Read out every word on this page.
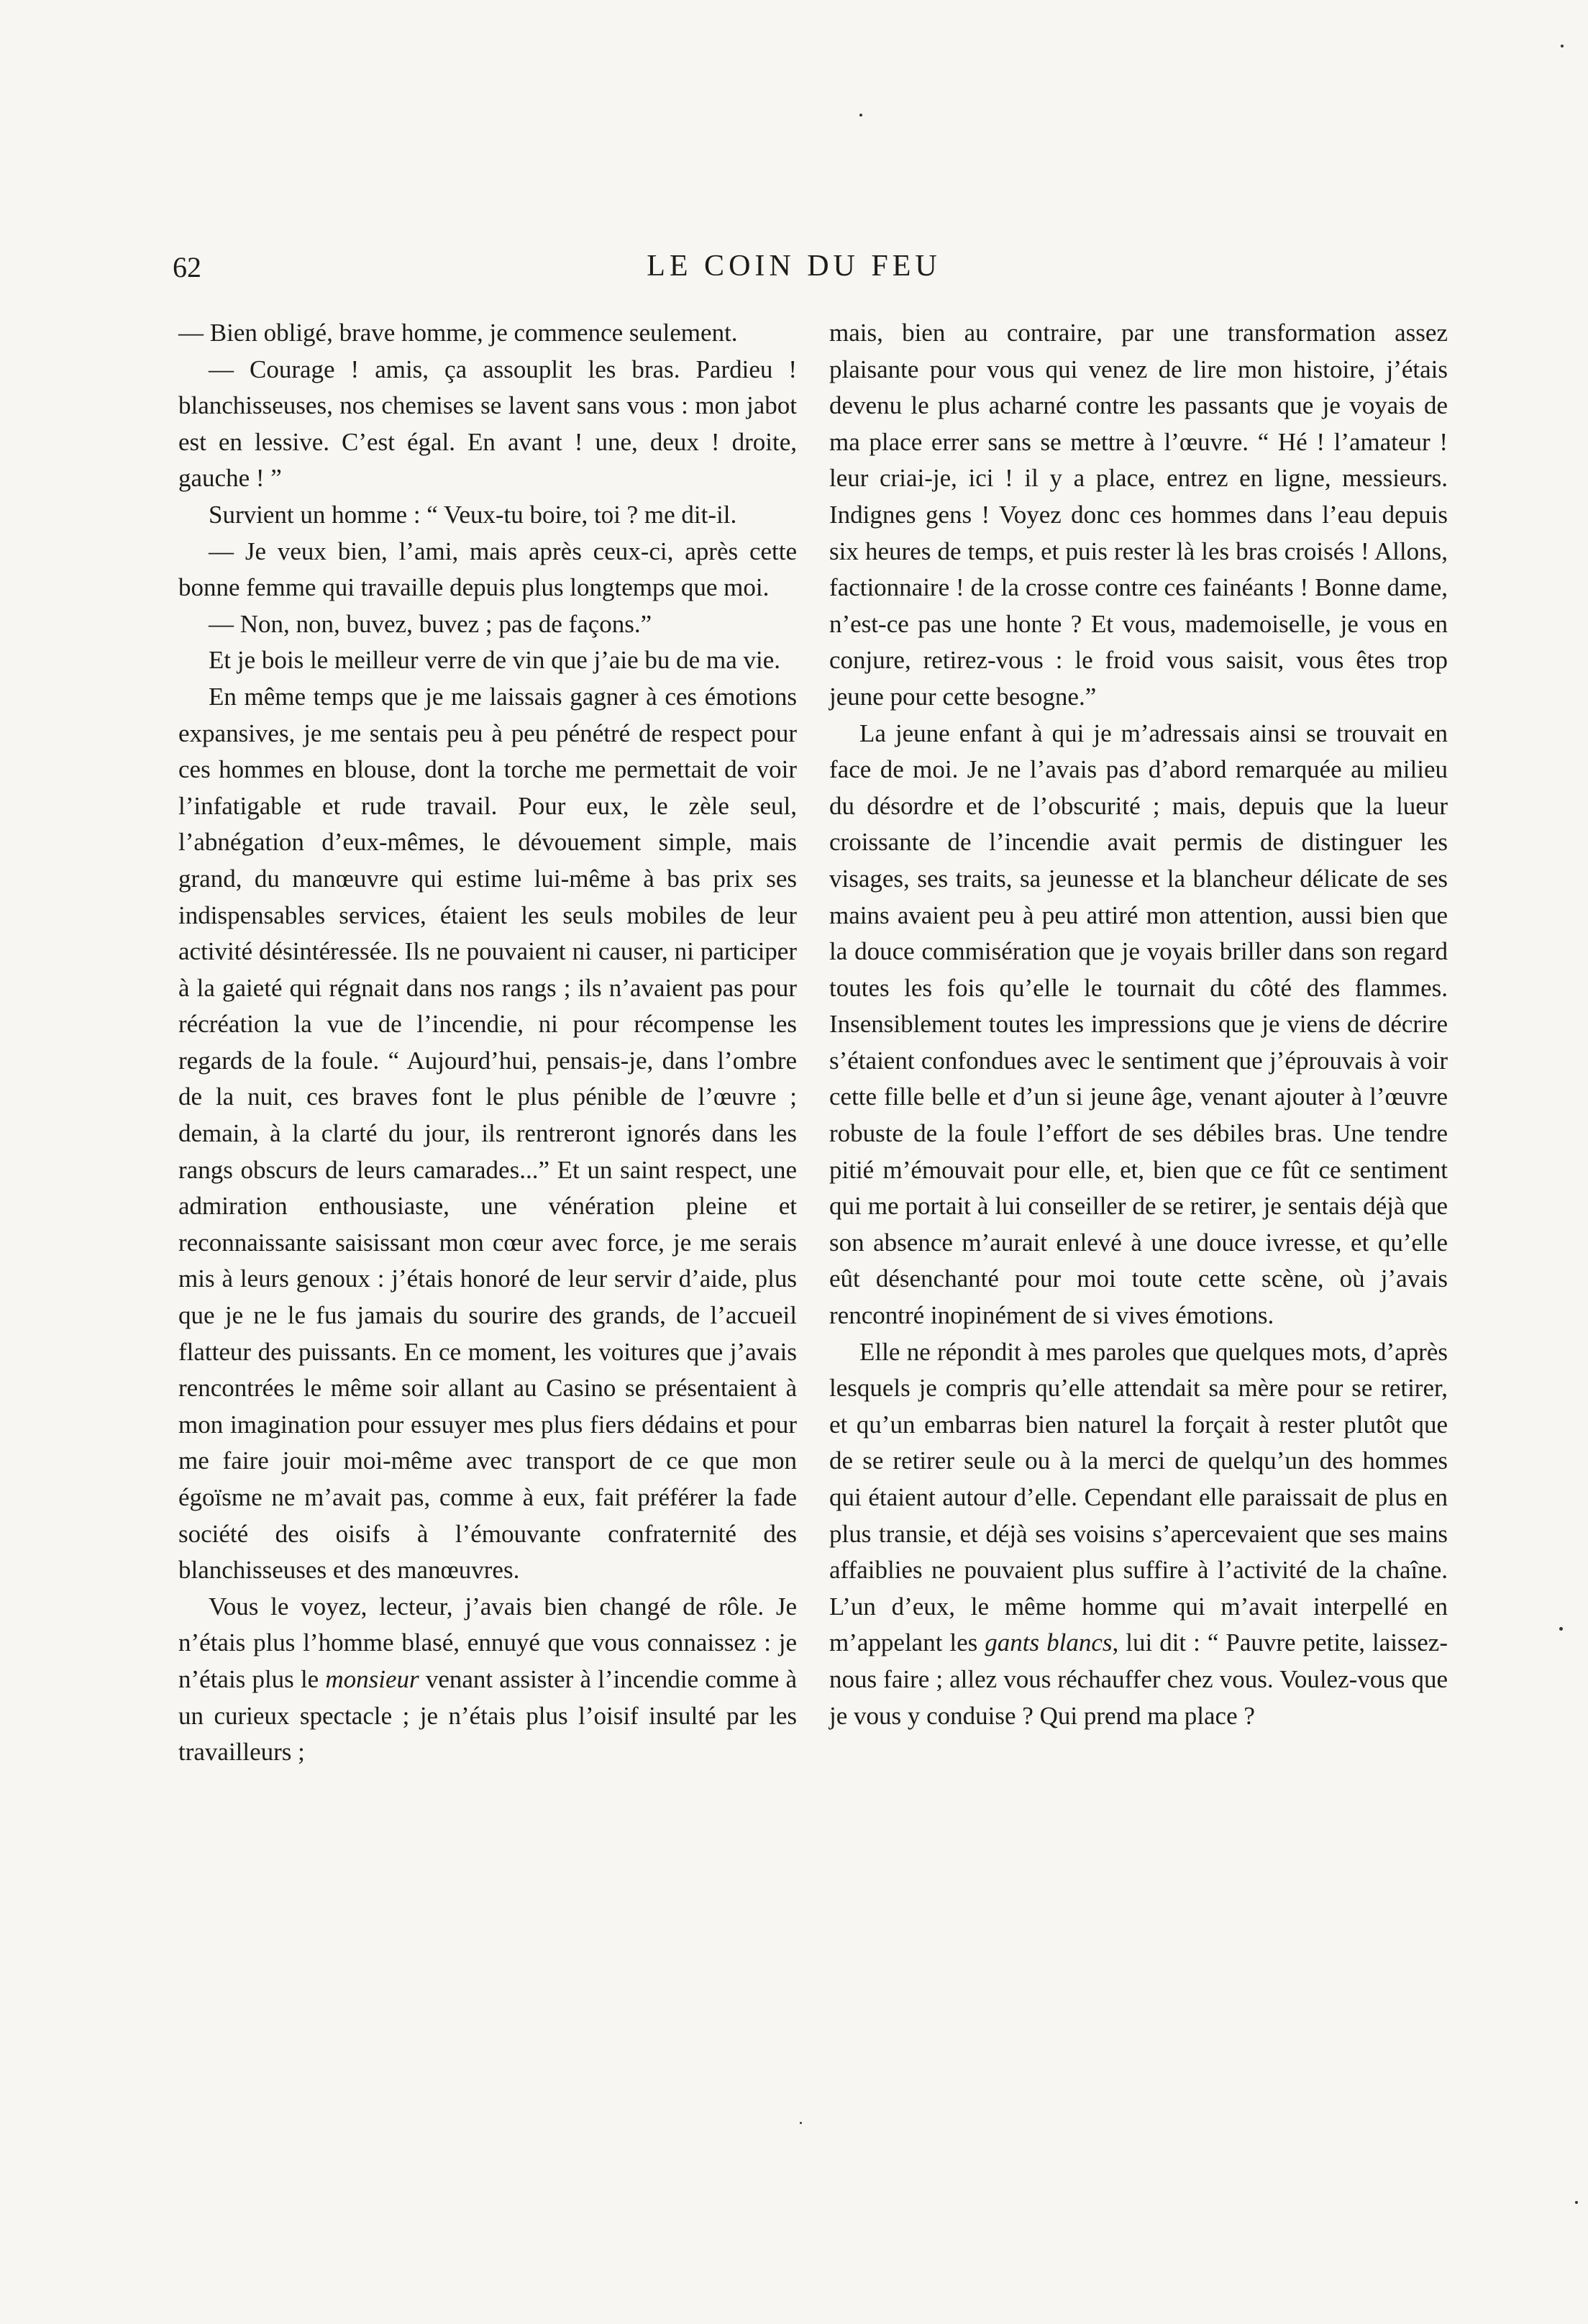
62	LE COIN DU FEU

— Bien obligé, brave homme, je commence seulement.

— Courage ! amis, ça assouplit les bras. Pardieu ! blanchisseuses, nos chemises se lavent sans vous : mon jabot est en lessive. C’est égal. En avant ! une, deux ! droite, gauche ! ”

Survient un homme : “ Veux-tu boire, toi ? me dit-il.

— Je veux bien, l’ami, mais après ceux-ci, après cette bonne femme qui travaille depuis plus longtemps que moi.

— Non, non, buvez, buvez ; pas de façons.”

Et je bois le meilleur verre de vin que j’aie bu de ma vie.

En même temps que je me laissais gagner à ces émotions expansives, je me sentais peu à peu pénétré de respect pour ces hommes en blouse, dont la torche me permettait de voir l’infatigable et rude travail. Pour eux, le zèle seul, l’abnégation d’eux-mêmes, le dévouement simple, mais grand, du manœuvre qui estime lui-même à bas prix ses indispensables services, étaient les seuls mobiles de leur activité désintéressée. Ils ne pouvaient ni causer, ni participer à la gaieté qui régnait dans nos rangs ; ils n’avaient pas pour récréation la vue de l’incendie, ni pour récompense les regards de la foule. “ Aujourd’hui, pensais-je, dans l’ombre de la nuit, ces braves font le plus pénible de l’œuvre ; demain, à la clarté du jour, ils rentreront ignorés dans les rangs obscurs de leurs camarades...” Et un saint respect, une admiration enthousiaste, une vénération pleine et reconnaissante saisissant mon cœur avec force, je me serais mis à leurs genoux : j’étais honoré de leur servir d’aide, plus que je ne le fus jamais du sourire des grands, de l’accueil flatteur des puissants. En ce moment, les voitures que j’avais rencontrées le même soir allant au Casino se présentaient à mon imagination pour essuyer mes plus fiers dédains et pour me faire jouir moi-même avec transport de ce que mon égoïsme ne m’avait pas, comme à eux, fait préférer la fade société des oisifs à l’émouvante confraternité des blanchisseuses et des manœuvres.

Vous le voyez, lecteur, j’avais bien changé de rôle. Je n’étais plus l’homme blasé, ennuyé que vous connaissez : je n’étais plus le monsieur venant assister à l’incendie comme à un curieux spectacle ; je n’étais plus l’oisif insulté par les travailleurs ;

mais, bien au contraire, par une transformation assez plaisante pour vous qui venez de lire mon histoire, j’étais devenu le plus acharné contre les passants que je voyais de ma place errer sans se mettre à l’œuvre. “ Hé ! l’amateur ! leur criai-je, ici ! il y a place, entrez en ligne, messieurs. Indignes gens ! Voyez donc ces hommes dans l’eau depuis six heures de temps, et puis rester là les bras croisés ! Allons, factionnaire ! de la crosse contre ces fainéants ! Bonne dame, n’est-ce pas une honte ? Et vous, mademoiselle, je vous en conjure, retirez-vous : le froid vous saisit, vous êtes trop jeune pour cette besogne.”

La jeune enfant à qui je m’adressais ainsi se trouvait en face de moi. Je ne l’avais pas d’abord remarquée au milieu du désordre et de l’obscurité ; mais, depuis que la lueur croissante de l’incendie avait permis de distinguer les visages, ses traits, sa jeunesse et la blancheur délicate de ses mains avaient peu à peu attiré mon attention, aussi bien que la douce commisération que je voyais briller dans son regard toutes les fois qu’elle le tournait du côté des flammes. Insensiblement toutes les impressions que je viens de décrire s’étaient confondues avec le sentiment que j’éprouvais à voir cette fille belle et d’un si jeune âge, venant ajouter à l’œuvre robuste de la foule l’effort de ses débiles bras. Une tendre pitié m’émouvait pour elle, et, bien que ce fût ce sentiment qui me portait à lui conseiller de se retirer, je sentais déjà que son absence m’aurait enlevé à une douce ivresse, et qu’elle eût désenchanté pour moi toute cette scène, où j’avais rencontré inopinément de si vives émotions.

Elle ne répondit à mes paroles que quelques mots, d’après lesquels je compris qu’elle attendait sa mère pour se retirer, et qu’un embarras bien naturel la forçait à rester plutôt que de se retirer seule ou à la merci de quelqu’un des hommes qui étaient autour d’elle. Cependant elle paraissait de plus en plus transie, et déjà ses voisins s’apercevaient que ses mains affaiblies ne pouvaient plus suffire à l’activité de la chaîne. L’un d’eux, le même homme qui m’avait interpellé en m’appelant les gants blancs, lui dit : “ Pauvre petite, laissez-nous faire ; allez vous réchauffer chez vous. Voulez-vous que je vous y conduise ? Qui prend ma place ?
